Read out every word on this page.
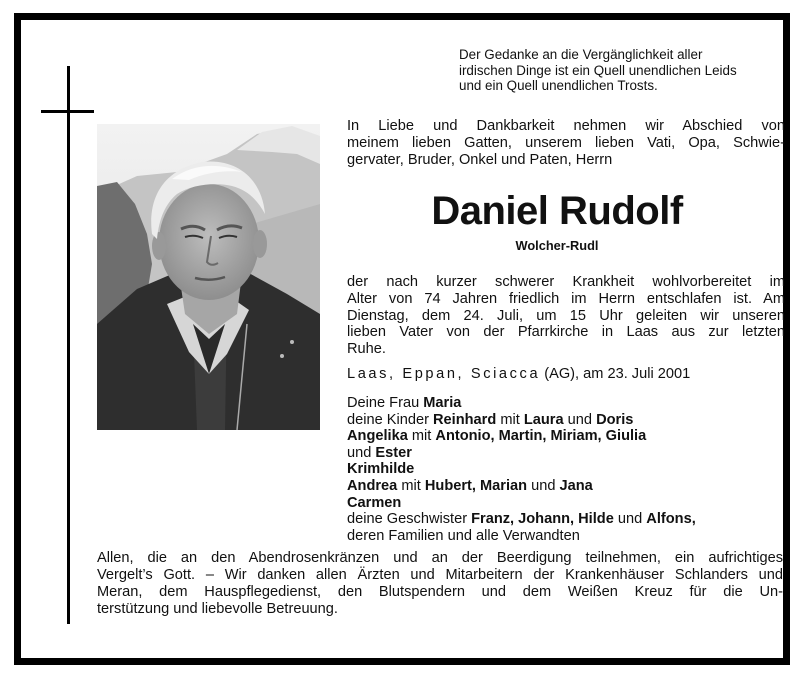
Der Gedanke an die Vergänglichkeit aller
irdischen Dinge ist ein Quell unendlichen Leids
und ein Quell unendlichen Trosts.
In Liebe und Dankbarkeit nehmen wir Abschied von
meinem lieben Gatten, unserem lieben Vati, Opa, Schwie-
gervater, Bruder, Onkel und Paten, Herrn
Daniel Rudolf
Wolcher-Rudl
der nach kurzer schwerer Krankheit wohlvorbereitet im
Alter von 74 Jahren friedlich im Herrn entschlafen ist. Am
Dienstag, dem 24. Juli, um 15 Uhr geleiten wir unseren
lieben Vater von der Pfarrkirche in Laas aus zur letzten
Ruhe.
Laas, Eppan, Sciacca (AG), am 23. Juli 2001
Deine Frau Maria
deine Kinder Reinhard mit Laura und Doris
Angelika mit Antonio, Martin, Miriam, Giulia
und Ester
Krimhilde
Andrea mit Hubert, Marian und Jana
Carmen
deine Geschwister Franz, Johann, Hilde und Alfons,
deren Familien und alle Verwandten
Allen, die an den Abendrosenkränzen und an der Beerdigung teilnehmen, ein aufrichtiges
Vergelt’s Gott. – Wir danken allen Ärzten und Mitarbeitern der Krankenhäuser Schlanders und
Meran, dem Hauspflegedienst, den Blutspendern und dem Weißen Kreuz für die Un-
terstützung und liebevolle Betreuung.
